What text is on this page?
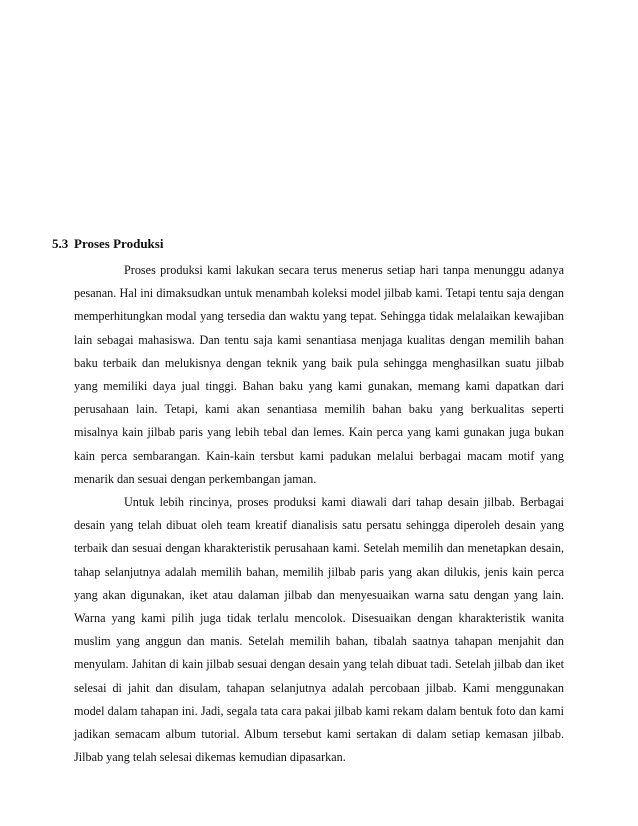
5.3 Proses Produksi

Proses produksi kami lakukan secara terus menerus setiap hari tanpa menunggu adanya pesanan. Hal ini dimaksudkan untuk menambah koleksi model jilbab kami. Tetapi tentu saja dengan memperhitungkan modal yang tersedia dan waktu yang tepat. Sehingga tidak melalaikan kewajiban lain sebagai mahasiswa. Dan tentu saja kami senantiasa menjaga kualitas dengan memilih bahan baku terbaik dan melukisnya dengan teknik yang baik pula sehingga menghasilkan suatu jilbab yang memiliki daya jual tinggi. Bahan baku yang kami gunakan, memang kami dapatkan dari perusahaan lain. Tetapi, kami akan senantiasa memilih bahan baku yang berkualitas seperti misalnya kain jilbab paris yang lebih tebal dan lemes. Kain perca yang kami gunakan juga bukan kain perca sembarangan. Kain-kain tersbut kami padukan melalui berbagai macam motif yang menarik dan sesuai dengan perkembangan jaman.

Untuk lebih rincinya, proses produksi kami diawali dari tahap desain jilbab. Berbagai desain yang telah dibuat oleh team kreatif dianalisis satu persatu sehingga diperoleh desain yang terbaik dan sesuai dengan kharakteristik perusahaan kami. Setelah memilih dan menetapkan desain, tahap selanjutnya adalah memilih bahan, memilih jilbab paris yang akan dilukis, jenis kain perca yang akan digunakan, iket atau dalaman jilbab dan menyesuaikan warna satu dengan yang lain. Warna yang kami pilih juga tidak terlalu mencolok. Disesuaikan dengan kharakteristik wanita muslim yang anggun dan manis. Setelah memilih bahan, tibalah saatnya tahapan menjahit dan menyulam. Jahitan di kain jilbab sesuai dengan desain yang telah dibuat tadi. Setelah jilbab dan iket selesai di jahit dan disulam, tahapan selanjutnya adalah percobaan jilbab. Kami menggunakan model dalam tahapan ini. Jadi, segala tata cara pakai jilbab kami rekam dalam bentuk foto dan kami jadikan semacam album tutorial. Album tersebut kami sertakan di dalam setiap kemasan jilbab. Jilbab yang telah selesai dikemas kemudian dipasarkan.
